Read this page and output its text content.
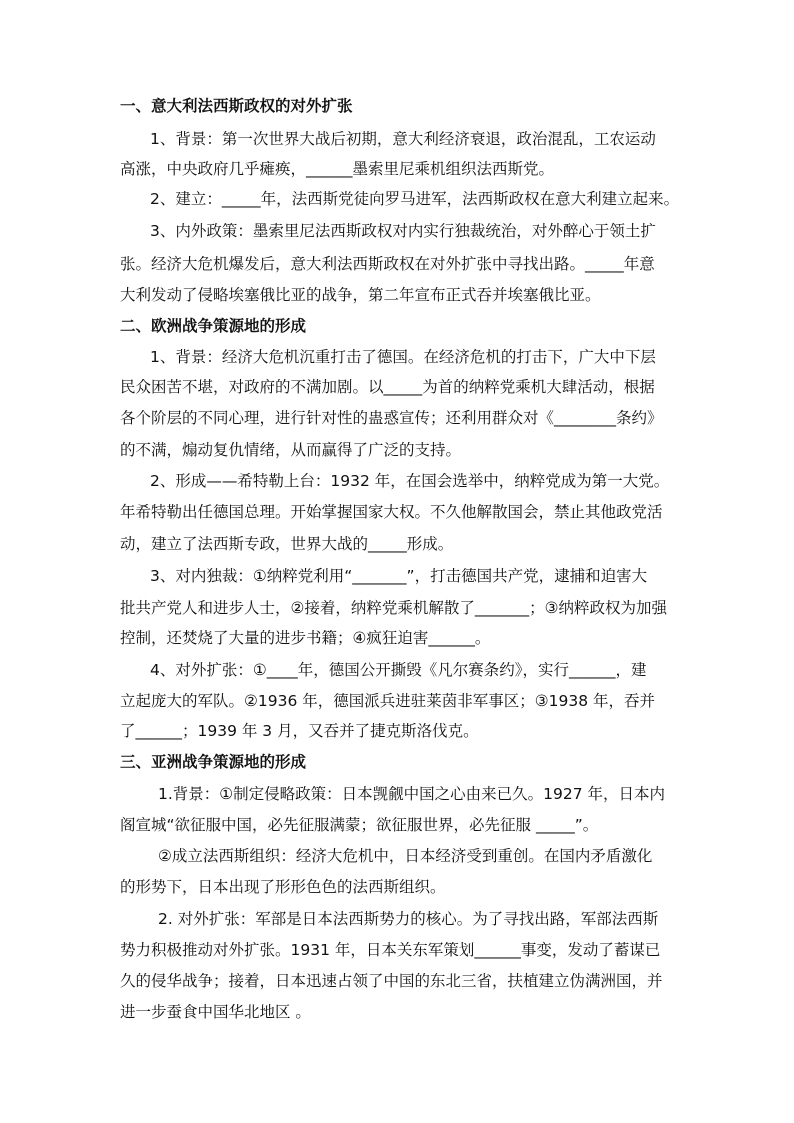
一、意大利法西斯政权的对外扩张
1、背景：第一次世界大战后初期，意大利经济衰退，政治混乱，工农运动
高涨，中央政府几乎瘫痪，______墨索里尼乘机组织法西斯党。
2、建立：_____年，法西斯党徒向罗马进军，法西斯政权在意大利建立起来。
3、内外政策：墨索里尼法西斯政权对内实行独裁统治，对外醉心于领土扩
张。经济大危机爆发后，意大利法西斯政权在对外扩张中寻找出路。_____年意
大利发动了侵略埃塞俄比亚的战争，第二年宣布正式吞并埃塞俄比亚。
二、欧洲战争策源地的形成
1、背景：经济大危机沉重打击了德国。在经济危机的打击下，广大中下层
民众困苦不堪，对政府的不满加剧。以_____为首的纳粹党乘机大肆活动，根据
各个阶层的不同心理，进行针对性的蛊惑宣传；还利用群众对《________条约》
的不满，煽动复仇情绪，从而赢得了广泛的支持。
2、形成——希特勒上台：1932 年，在国会选举中，纳粹党成为第一大党。
年希特勒出任德国总理。开始掌握国家大权。不久他解散国会，禁止其他政党活
动，建立了法西斯专政，世界大战的_____形成。
3、对内独裁：①纳粹党利用“_______”，打击德国共产党，逮捕和迫害大
批共产党人和进步人士，②接着，纳粹党乘机解散了_______；③纳粹政权为加强
控制，还焚烧了大量的进步书籍；④疯狂迫害______。
4、对外扩张：①____年，德国公开撕毁《凡尔赛条约》，实行______，建
立起庞大的军队。②1936 年，德国派兵进驻莱茵非军事区；③1938 年，吞并
了______；1939 年 3 月，又吞并了捷克斯洛伐克。
三、亚洲战争策源地的形成
1.背景：①制定侵略政策：日本觊觎中国之心由来已久。1927 年，日本内
阁宣城“欲征服中国，必先征服满蒙；欲征服世界，必先征服 _____”。
②成立法西斯组织：经济大危机中，日本经济受到重创。在国内矛盾激化
的形势下，日本出现了形形色色的法西斯组织。
2. 对外扩张：军部是日本法西斯势力的核心。为了寻找出路，军部法西斯
势力积极推动对外扩张。1931 年，日本关东军策划______事变，发动了蓄谋已
久的侵华战争；接着，日本迅速占领了中国的东北三省，扶植建立伪满洲国，并
进一步蚕食中国华北地区 。
